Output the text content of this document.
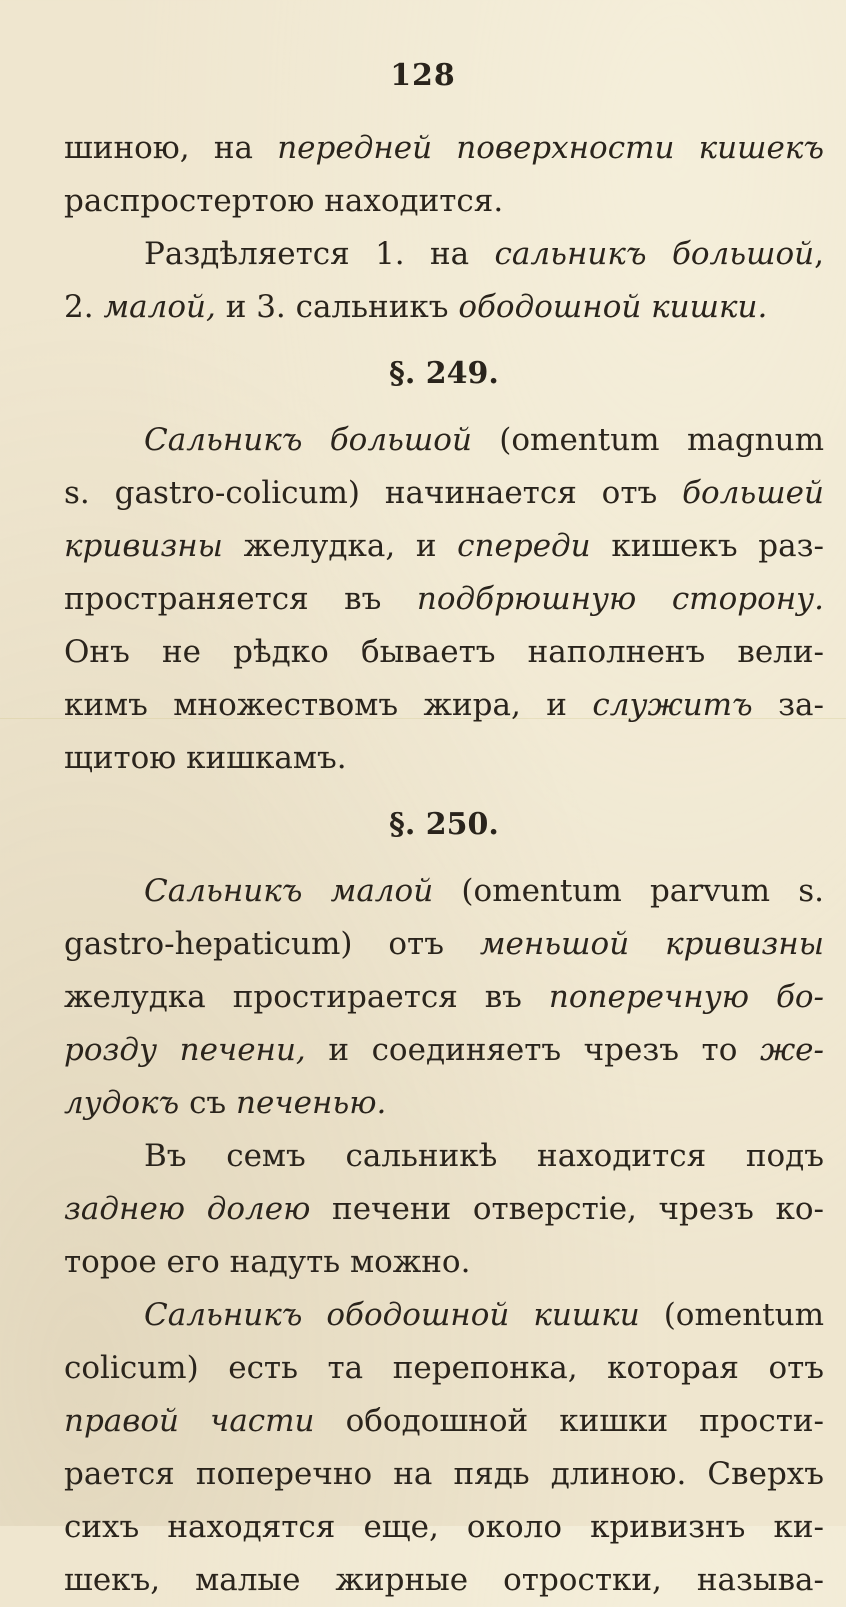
128
шиною, на передней поверхности кишекъ
распростертою находится.
Раздѣляется 1. на сальникъ большой,
2. малой, и 3. сальникъ ободошной кишки.
§. 249.
Сальникъ большой (omentum magnum
s. gastro-colicum) начинается отъ большей
кривизны желудка, и спереди кишекъ раз-
пространяется въ подбрюшную сторону.
Онъ не рѣдко бываетъ наполненъ вели-
кимъ множествомъ жира, и служитъ за-
щитою кишкамъ.
§. 250.
Сальникъ малой (omentum parvum s.
gastro-hepaticum) отъ меньшой кривизны
желудка простирается въ поперечную бо-
розду печени, и соединяетъ чрезъ то же-
лудокъ съ печенью.
Въ семъ сальникѣ находится подъ
заднею долею печени отверстіе, чрезъ ко-
торое его надуть можно.
Сальникъ ободошной кишки (omentum
colicum) есть та перепонка, которая отъ
правой части ободошной кишки прости-
рается поперечно на пядь длиною. Сверхъ
сихъ находятся еще, около кривизнъ ки-
шекъ, малые жирные отростки, называ-
